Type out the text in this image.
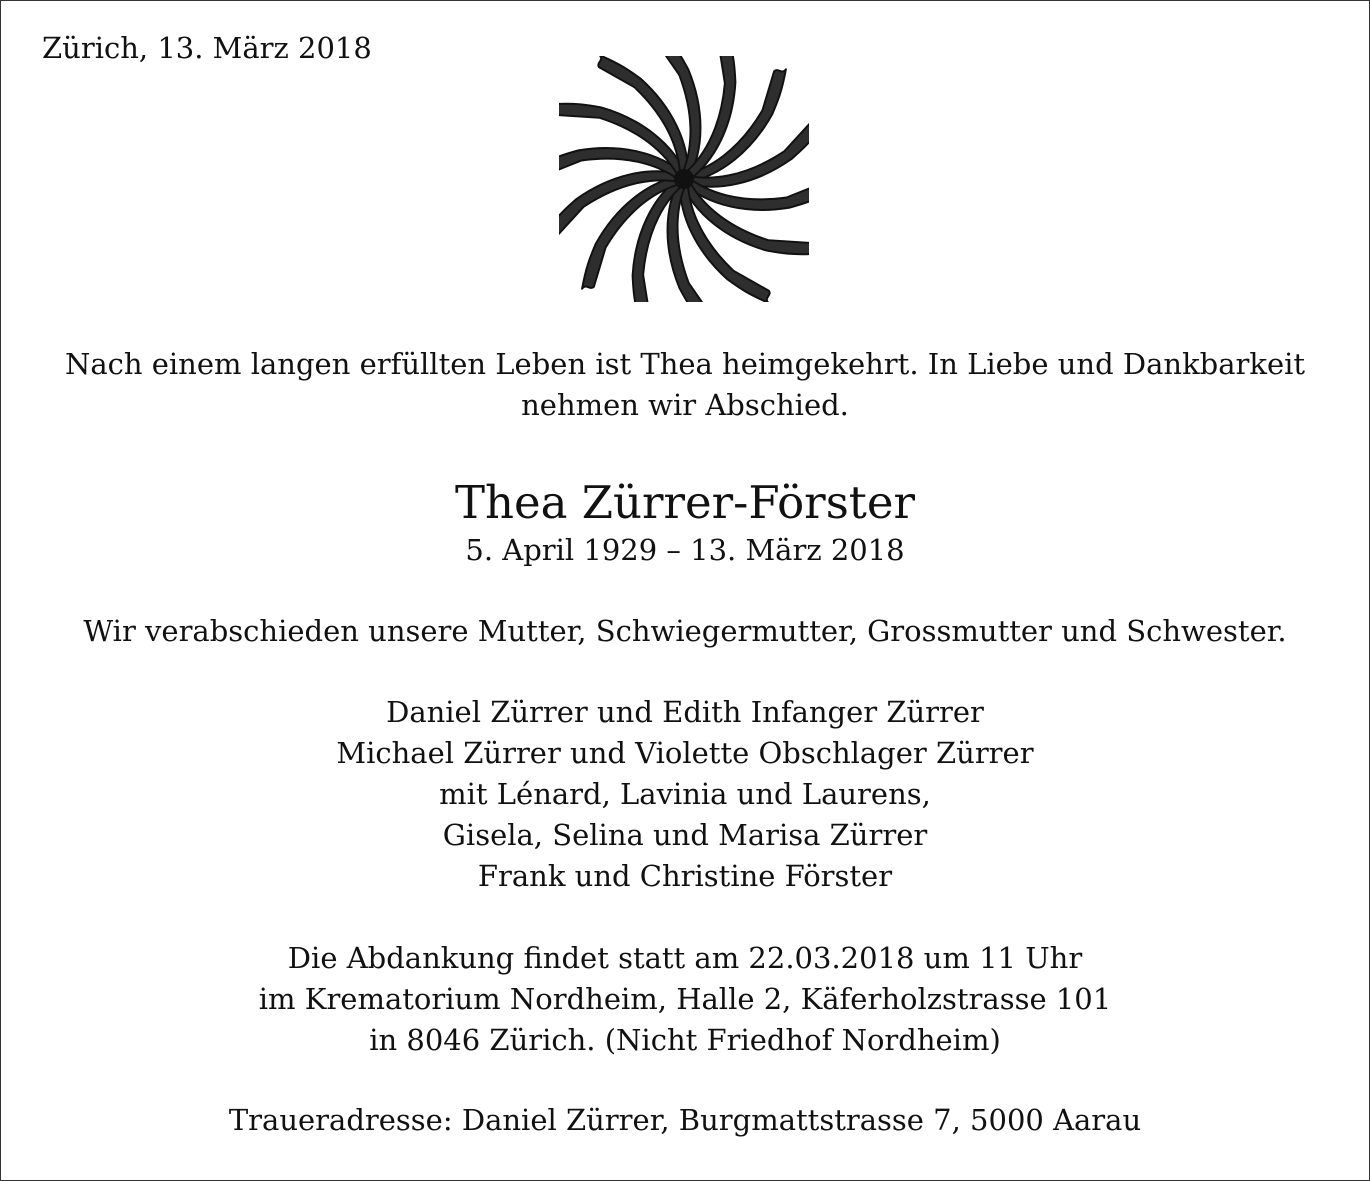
Zürich, 13. März 2018
Nach einem langen erfüllten Leben ist Thea heimgekehrt. In Liebe und Dankbarkeit
nehmen wir Abschied.
Thea Zürrer-Förster
5. April 1929 – 13. März 2018
Wir verabschieden unsere Mutter, Schwiegermutter, Grossmutter und Schwester.
Daniel Zürrer und Edith Infanger Zürrer
Michael Zürrer und Violette Obschlager Zürrer
mit Lénard, Lavinia und Laurens,
Gisela, Selina und Marisa Zürrer
Frank und Christine Förster
Die Abdankung findet statt am 22.03.2018 um 11 Uhr
im Krematorium Nordheim, Halle 2, Käferholzstrasse 101
in 8046 Zürich. (Nicht Friedhof Nordheim)
Traueradresse: Daniel Zürrer, Burgmattstrasse 7, 5000 Aarau
